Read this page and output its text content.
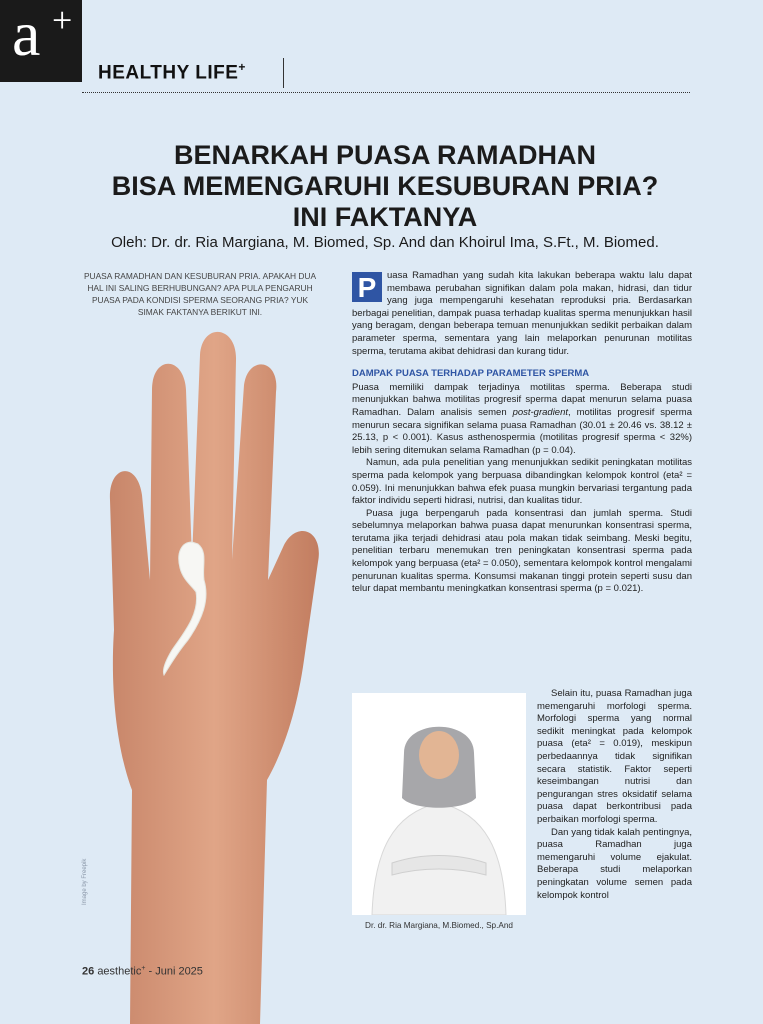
a +
HEALTHY LIFE+
BENARKAH PUASA RAMADHAN
BISA MEMENGARUHI KESUBURAN PRIA?
INI FAKTANYA

Oleh: Dr. dr. Ria Margiana, M. Biomed, Sp. And dan Khoirul Ima, S.Ft., M. Biomed.

PUASA RAMADHAN DAN KESUBURAN PRIA. APAKAH DUA HAL INI SALING BERHUBUNGAN? APA PULA PENGARUH PUASA PADA KONDISI SPERMA SEORANG PRIA? YUK SIMAK FAKTANYA BERIKUT INI.

Image by Freepik
P	uasa Ramadhan yang sudah kita lakukan beberapa waktu lalu dapat membawa perubahan signifikan dalam pola makan, hidrasi, dan tidur yang juga mempengaruhi kesehatan reproduksi pria. Berdasarkan berbagai penelitian, dampak puasa terhadap kualitas sperma menunjukkan hasil yang beragam, dengan beberapa temuan menunjukkan sedikit perbaikan dalam parameter sperma, sementara yang lain melaporkan penurunan motilitas sperma, terutama akibat dehidrasi dan kurang tidur.

DAMPAK PUASA TERHADAP PARAMETER SPERMA

Puasa memiliki dampak terjadinya motilitas sperma. Beberapa studi menunjukkan bahwa motilitas progresif sperma dapat menurun selama puasa Ramadhan. Dalam analisis semen post-gradient, motilitas progresif sperma menurun secara signifikan selama puasa Ramadhan (30.01 ± 20.46 vs. 38.12 ± 25.13, p < 0.001). Kasus asthenospermia (motilitas progresif sperma < 32%) lebih sering ditemukan selama Ramadhan (p = 0.04).

Namun, ada pula penelitian yang menunjukkan sedikit peningkatan motilitas sperma pada kelompok yang berpuasa dibandingkan kelompok kontrol (eta² = 0.059). Ini menunjukkan bahwa efek puasa mungkin bervariasi tergantung pada faktor individu seperti hidrasi, nutrisi, dan kualitas tidur.

Puasa juga berpengaruh pada konsentrasi dan jumlah sperma. Studi sebelumnya melaporkan bahwa puasa dapat menurunkan konsentrasi sperma, terutama jika terjadi dehidrasi atau pola makan tidak seimbang. Meski begitu, penelitian terbaru menemukan tren peningkatan konsentrasi sperma pada kelompok yang berpuasa (eta² = 0.050), sementara kelompok kontrol mengalami penurunan kualitas sperma. Konsumsi makanan tinggi protein seperti susu dan telur dapat membantu meningkatkan konsentrasi sperma (p = 0.021).

Dr. dr. Ria Margiana, M.Biomed., Sp.And

Selain itu, puasa Ramadhan juga memengaruhi morfologi sperma. Morfologi sperma yang normal sedikit meningkat pada kelompok puasa (eta² = 0.019), meskipun perbedaannya tidak signifikan secara statistik. Faktor seperti keseimbangan nutrisi dan pengurangan stres oksidatif selama puasa dapat berkontribusi pada perbaikan morfologi sperma.

Dan yang tidak kalah pentingnya, puasa Ramadhan juga memengaruhi volume ejakulat. Beberapa studi melaporkan peningkatan volume semen pada kelompok kontrol

26 aesthetic+ - Juni 2025
